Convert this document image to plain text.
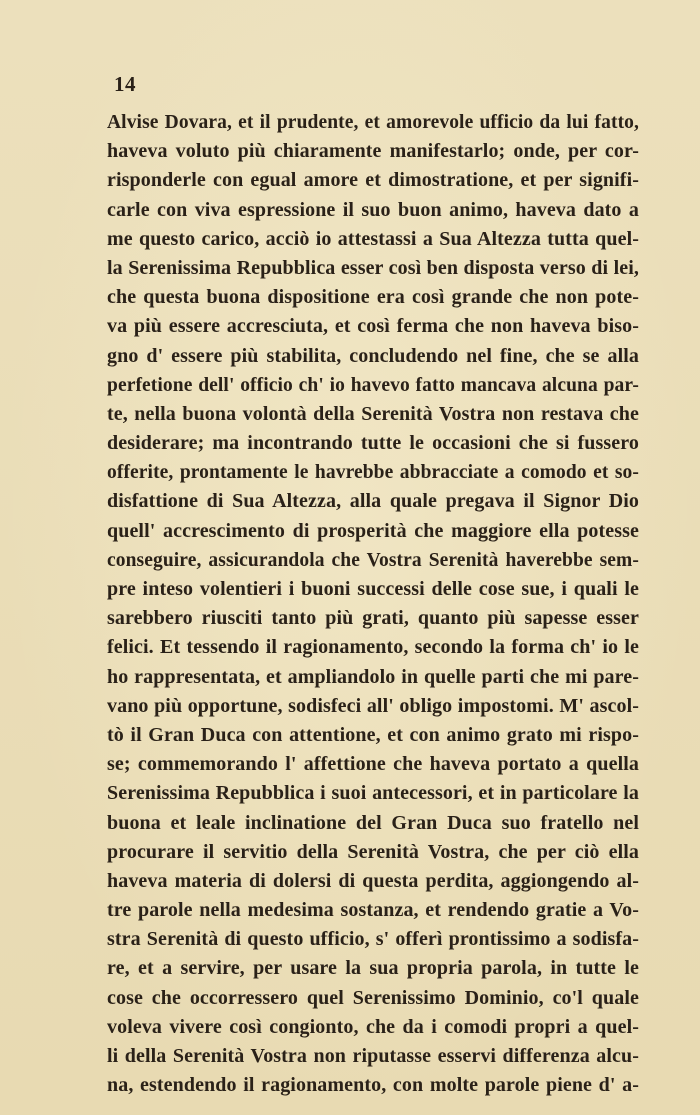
14
Alvise Dovara, et il prudente, et amorevole ufficio da lui fatto,
haveva voluto più chiaramente manifestarlo; onde, per cor-
risponderle con egual amore et dimostratione, et per signifi-
carle con viva espressione il suo buon animo, haveva dato a
me questo carico, acciò io attestassi a Sua Altezza tutta quel-
la Serenissima Repubblica esser così ben disposta verso di lei,
che questa buona dispositione era così grande che non pote-
va più essere accresciuta, et così ferma che non haveva biso-
gno d' essere più stabilita, concludendo nel fine, che se alla
perfetione dell' officio ch' io havevo fatto mancava alcuna par-
te, nella buona volontà della Serenità Vostra non restava che
desiderare; ma incontrando tutte le occasioni che si fussero
offerite, prontamente le havrebbe abbracciate a comodo et so-
disfattione di Sua Altezza, alla quale pregava il Signor Dio
quell' accrescimento di prosperità che maggiore ella potesse
conseguire, assicurandola che Vostra Serenità haverebbe sem-
pre inteso volentieri i buoni successi delle cose sue, i quali le
sarebbero riusciti tanto più grati, quanto più sapesse esser
felici. Et tessendo il ragionamento, secondo la forma ch' io le
ho rappresentata, et ampliandolo in quelle parti che mi pare-
vano più opportune, sodisfeci all' obligo impostomi. M' ascol-
tò il Gran Duca con attentione, et con animo grato mi rispo-
se; commemorando l' affettione che haveva portato a quella
Serenissima Repubblica i suoi antecessori, et in particolare la
buona et leale inclinatione del Gran Duca suo fratello nel
procurare il servitio della Serenità Vostra, che per ciò ella
haveva materia di dolersi di questa perdita, aggiongendo al-
tre parole nella medesima sostanza, et rendendo gratie a Vo-
stra Serenità di questo ufficio, s' offerì prontissimo a sodisfa-
re, et a servire, per usare la sua propria parola, in tutte le
cose che occorressero quel Serenissimo Dominio, co'l quale
voleva vivere così congionto, che da i comodi propri a quel-
li della Serenità Vostra non riputasse esservi differenza alcu-
na, estendendo il ragionamento, con molte parole piene d' a-
